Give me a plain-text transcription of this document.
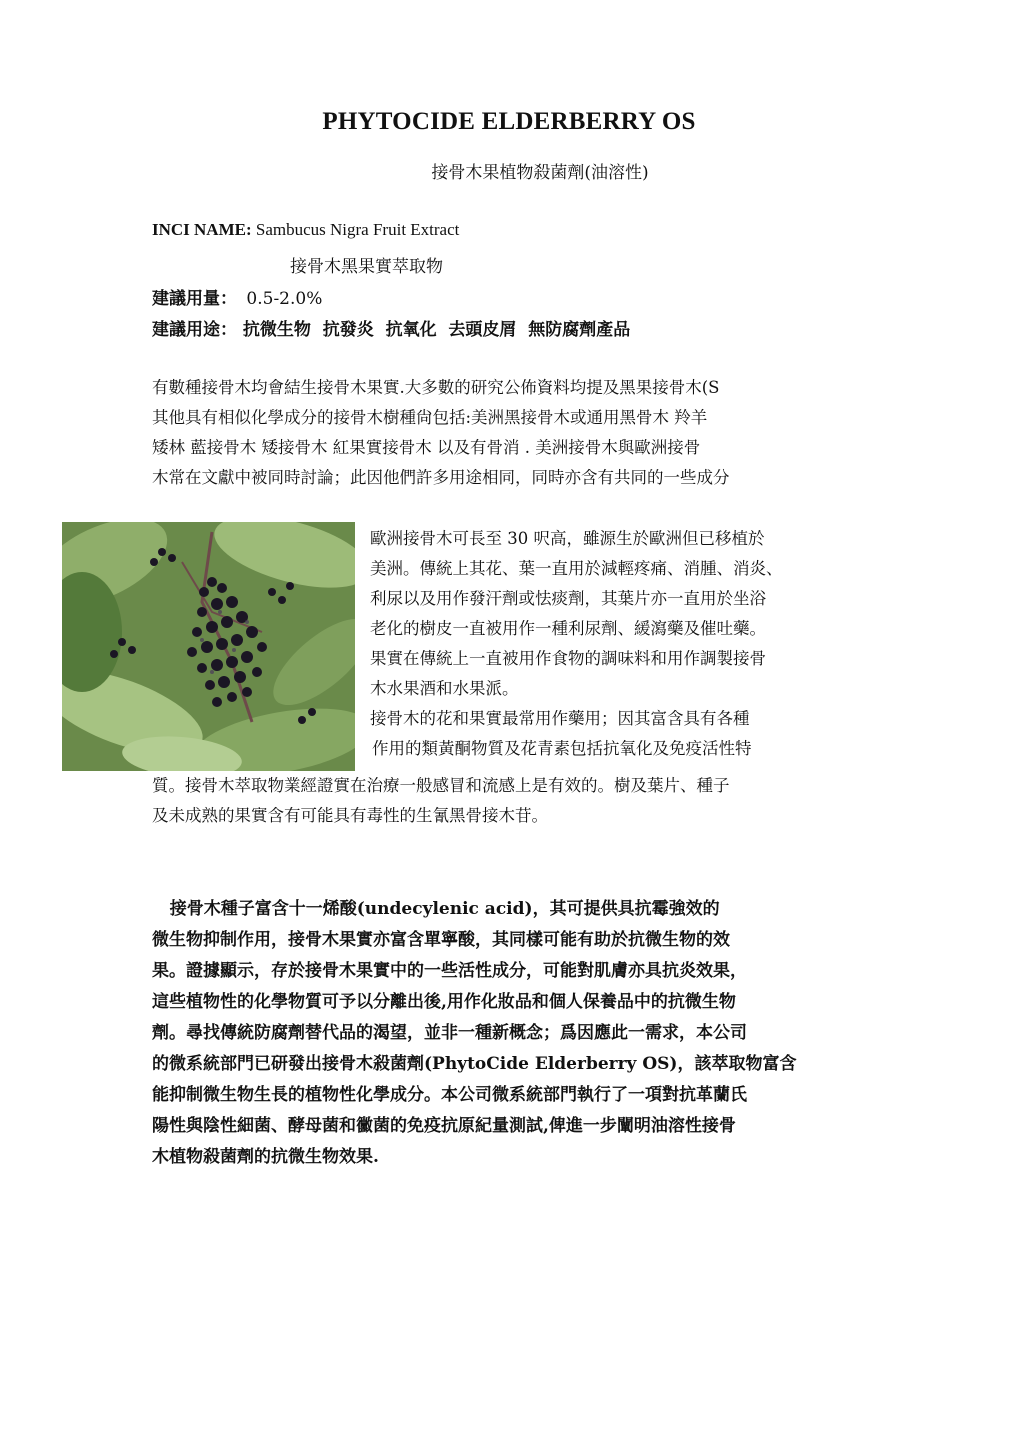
PHYTOCIDE ELDERBERRY OS
接骨木果植物殺菌劑(油溶性)
INCI NAME: Sambucus Nigra Fruit Extract
接骨木黑果實萃取物
建議用量： 0.5-2.0%
建議用途： 抗微生物  抗發炎  抗氧化  去頭皮屑  無防腐劑產品
有數種接骨木均會結生接骨木果實.大多數的研究公佈資料均提及黑果接骨木(S
其他具有相似化學成分的接骨木樹種尙包括:美洲黑接骨木或通用黑骨木 羚羊
矮林 藍接骨木 矮接骨木 紅果實接骨木 以及有骨消 . 美洲接骨木與歐洲接骨
木常在文獻中被同時討論；此因他們許多用途相同，同時亦含有共同的一些成分
歐洲接骨木可長至 30 呎高，雖源生於歐洲但已移植於
美洲。傳統上其花、葉一直用於減輕疼痛、消腫、消炎、
利尿以及用作發汗劑或怯痰劑，其葉片亦一直用於坐浴
老化的樹皮一直被用作一種利尿劑、緩瀉藥及催吐藥。
果實在傳統上一直被用作食物的調味料和用作調製接骨
木水果酒和水果派。
接骨木的花和果實最常用作藥用；因其富含具有各種
作用的類黃酮物質及花青素包括抗氧化及免疫活性特
質。接骨木萃取物業經證實在治療一般感冒和流感上是有效的。樹及葉片、種子
及未成熟的果實含有可能具有毒性的生氰黑骨接木苷。
接骨木種子富含十一烯酸(undecylenic acid)，其可提供具抗霉強效的
微生物抑制作用，接骨木果實亦富含單寧酸，其同樣可能有助於抗微生物的效
果。證據顯示，存於接骨木果實中的一些活性成分，可能對肌膚亦具抗炎效果，
這些植物性的化學物質可予以分離出後,用作化妝品和個人保養品中的抗微生物
劑。尋找傳統防腐劑替代品的渴望，並非一種新概念；爲因應此一需求，本公司
的微系統部門已研發出接骨木殺菌劑(PhytoCide Elderberry OS)，該萃取物富含
能抑制微生物生長的植物性化學成分。本公司微系統部門執行了一項對抗革蘭氏
陽性與陰性細菌、酵母菌和黴菌的免疫抗原紀量測試,俾進一步闡明油溶性接骨
木植物殺菌劑的抗微生物效果.
